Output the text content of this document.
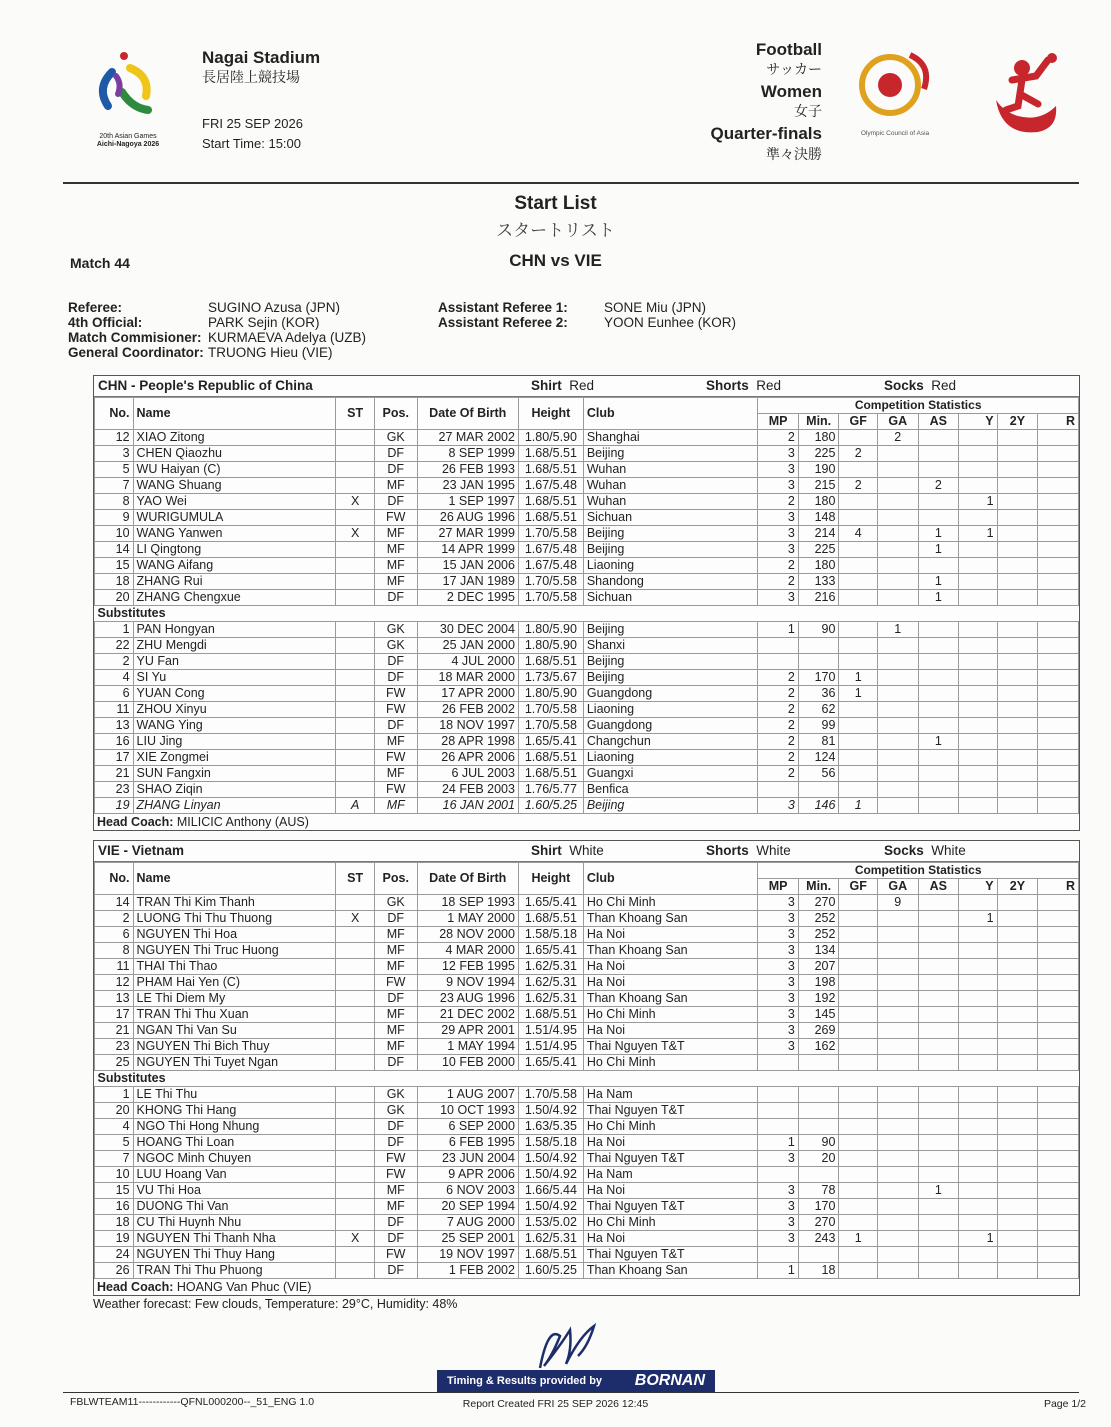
20th Asian Games
Aichi-Nagoya 2026
Nagai Stadium
長居陸上競技場
FRI 25 SEP 2026
Start Time: 15:00
Football
サッカー
Women
女子
Quarter-finals
準々決勝
Olympic Council of Asia
Start List
スタートリスト
CHN vs VIE
Match 44
Referee:	SUGINO Azusa (JPN)
4th Official:	PARK Sejin (KOR)
Match Commisioner:	KURMAEVA Adelya (UZB)
General Coordinator:	TRUONG Hieu (VIE)
Assistant Referee 1:	SONE Miu (JPN)
Assistant Referee 2:	YOON Eunhee (KOR)
CHN - People's Republic of China	Shirt  Red	Shorts  Red	Socks  Red
No.	Name	ST	Pos.	Date Of Birth	Height	Club	Competition Statistics							
							MP	Min.	GF	GA	AS	Y	2Y	R
12	XIAO Zitong		GK	27 MAR 2002	1.80/5.90	Shanghai	2	180		2				
3	CHEN Qiaozhu		DF	8 SEP 1999	1.68/5.51	Beijing	3	225	2					
5	WU Haiyan (C)		DF	26 FEB 1993	1.68/5.51	Wuhan	3	190						
7	WANG Shuang		MF	23 JAN 1995	1.67/5.48	Wuhan	3	215	2		2			
8	YAO Wei	X	DF	1 SEP 1997	1.68/5.51	Wuhan	2	180				1		
9	WURIGUMULA		FW	26 AUG 1996	1.68/5.51	Sichuan	3	148						
10	WANG Yanwen	X	MF	27 MAR 1999	1.70/5.58	Beijing	3	214	4		1	1		
14	LI Qingtong		MF	14 APR 1999	1.67/5.48	Beijing	3	225			1			
15	WANG Aifang		MF	15 JAN 2006	1.67/5.48	Liaoning	2	180						
18	ZHANG Rui		MF	17 JAN 1989	1.70/5.58	Shandong	2	133			1			
20	ZHANG Chengxue		DF	2 DEC 1995	1.70/5.58	Sichuan	3	216			1			
Substitutes														
1	PAN Hongyan		GK	30 DEC 2004	1.80/5.90	Beijing	1	90		1				
22	ZHU Mengdi		GK	25 JAN 2000	1.80/5.90	Shanxi								
2	YU Fan		DF	4 JUL 2000	1.68/5.51	Beijing								
4	SI Yu		DF	18 MAR 2000	1.73/5.67	Beijing	2	170	1					
6	YUAN Cong		FW	17 APR 2000	1.80/5.90	Guangdong	2	36	1					
11	ZHOU Xinyu		FW	26 FEB 2002	1.70/5.58	Liaoning	2	62						
13	WANG Ying		DF	18 NOV 1997	1.70/5.58	Guangdong	2	99						
16	LIU Jing		MF	28 APR 1998	1.65/5.41	Changchun	2	81			1			
17	XIE Zongmei		FW	26 APR 2006	1.68/5.51	Liaoning	2	124						
21	SUN Fangxin		MF	6 JUL 2003	1.68/5.51	Guangxi	2	56						
23	SHAO Ziqin		FW	24 FEB 2003	1.76/5.77	Benfica								
19	ZHANG Linyan	A	MF	16 JAN 2001	1.60/5.25	Beijing	3	146	1					
Head Coach: MILICIC Anthony (AUS)
VIE - Vietnam	Shirt  White	Shorts  White	Socks  White
No.	Name	ST	Pos.	Date Of Birth	Height	Club	Competition Statistics							
							MP	Min.	GF	GA	AS	Y	2Y	R
14	TRAN Thi Kim Thanh		GK	18 SEP 1993	1.65/5.41	Ho Chi Minh	3	270		9				
2	LUONG Thi Thu Thuong	X	DF	1 MAY 2000	1.68/5.51	Than Khoang San	3	252				1		
6	NGUYEN Thi Hoa		MF	28 NOV 2000	1.58/5.18	Ha Noi	3	252						
8	NGUYEN Thi Truc Huong		MF	4 MAR 2000	1.65/5.41	Than Khoang San	3	134						
11	THAI Thi Thao		MF	12 FEB 1995	1.62/5.31	Ha Noi	3	207						
12	PHAM Hai Yen (C)		FW	9 NOV 1994	1.62/5.31	Ha Noi	3	198						
13	LE Thi Diem My		DF	23 AUG 1996	1.62/5.31	Than Khoang San	3	192						
17	TRAN Thi Thu Xuan		MF	21 DEC 2002	1.68/5.51	Ho Chi Minh	3	145						
21	NGAN Thi Van Su		MF	29 APR 2001	1.51/4.95	Ha Noi	3	269						
23	NGUYEN Thi Bich Thuy		MF	1 MAY 1994	1.51/4.95	Thai Nguyen T&T	3	162						
25	NGUYEN Thi Tuyet Ngan		DF	10 FEB 2000	1.65/5.41	Ho Chi Minh								
Substitutes														
1	LE Thi Thu		GK	1 AUG 2007	1.70/5.58	Ha Nam								
20	KHONG Thi Hang		GK	10 OCT 1993	1.50/4.92	Thai Nguyen T&T								
4	NGO Thi Hong Nhung		DF	6 SEP 2000	1.63/5.35	Ho Chi Minh								
5	HOANG Thi Loan		DF	6 FEB 1995	1.58/5.18	Ha Noi	1	90						
7	NGOC Minh Chuyen		FW	23 JUN 2004	1.50/4.92	Thai Nguyen T&T	3	20						
10	LUU Hoang Van		FW	9 APR 2006	1.50/4.92	Ha Nam								
15	VU Thi Hoa		MF	6 NOV 2003	1.66/5.44	Ha Noi	3	78			1			
16	DUONG Thi Van		MF	20 SEP 1994	1.50/4.92	Thai Nguyen T&T	3	170						
18	CU Thi Huynh Nhu		DF	7 AUG 2000	1.53/5.02	Ho Chi Minh	3	270						
19	NGUYEN Thi Thanh Nha	X	DF	25 SEP 2001	1.62/5.31	Ha Noi	3	243	1			1		
24	NGUYEN Thi Thuy Hang		FW	19 NOV 1997	1.68/5.51	Thai Nguyen T&T								
26	TRAN Thi Thu Phuong		DF	1 FEB 2002	1.60/5.25	Than Khoang San	1	18						
Head Coach: HOANG Van Phuc (VIE)
Weather forecast: Few clouds, Temperature: 29°C, Humidity: 48%
Timing & Results provided by BORNAN
FBLWTEAM11------------QFNL000200--_51_ENG 1.0	Report Created FRI 25 SEP 2026 12:45	Page 1/2
